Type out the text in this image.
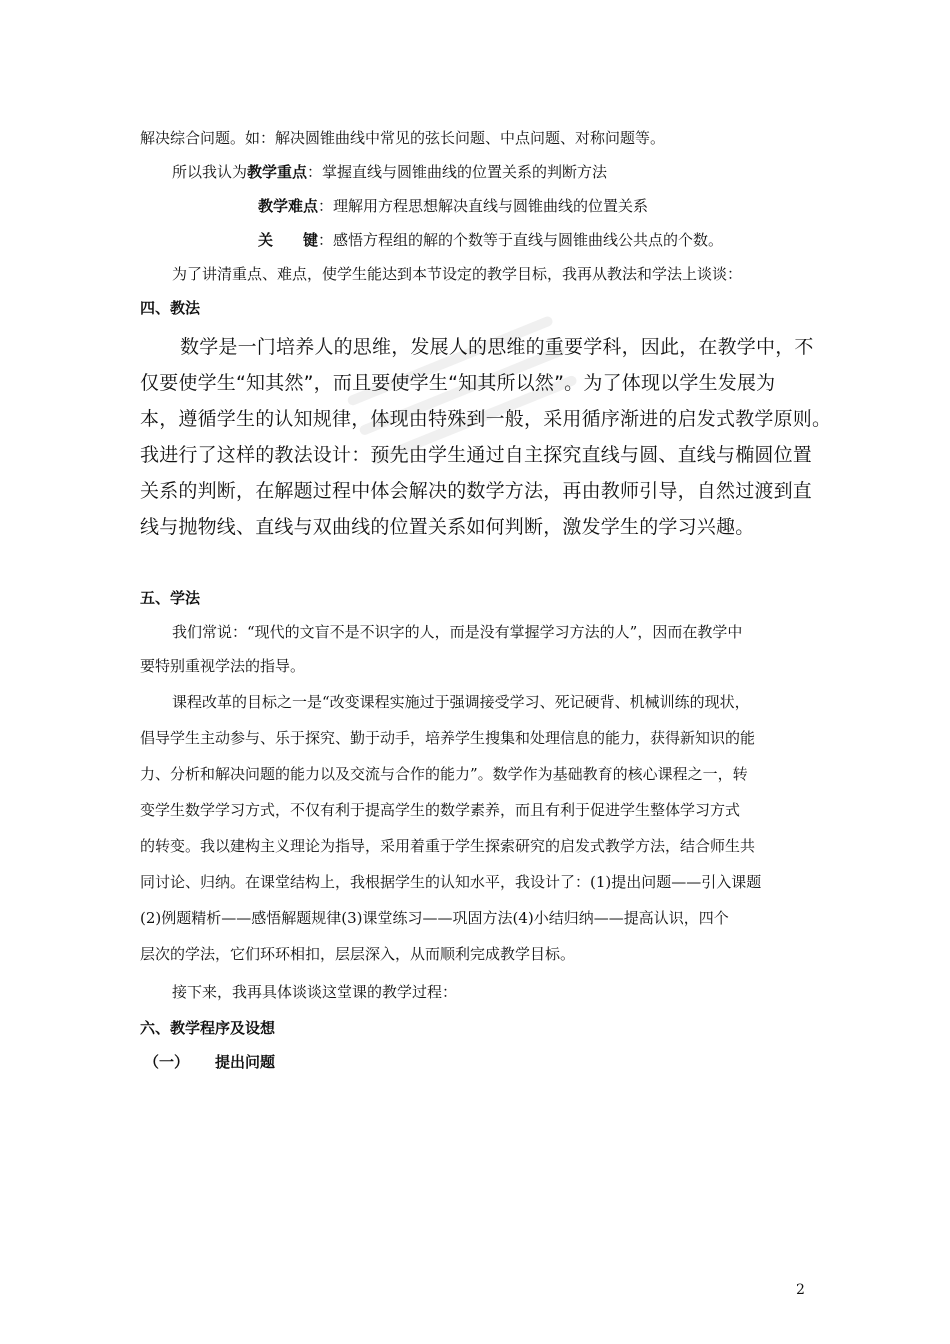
解决综合问题。如：解决圆锥曲线中常见的弦长问题、中点问题、对称问题等。
所以我认为教学重点：掌握直线与圆锥曲线的位置关系的判断方法
教学难点：理解用方程思想解决直线与圆锥曲线的位置关系
关　　键：感悟方程组的解的个数等于直线与圆锥曲线公共点的个数。
为了讲清重点、难点，使学生能达到本节设定的教学目标，我再从教法和学法上谈谈：
四、教法
数学是一门培养人的思维，发展人的思维的重要学科，因此，在教学中，不
仅要使学生“知其然”，而且要使学生“知其所以然”。为了体现以学生发展为
本，遵循学生的认知规律，体现由特殊到一般，采用循序渐进的启发式教学原则。
我进行了这样的教法设计：预先由学生通过自主探究直线与圆、直线与椭圆位置
关系的判断，在解题过程中体会解决的数学方法，再由教师引导，自然过渡到直
线与抛物线、直线与双曲线的位置关系如何判断，激发学生的学习兴趣。
五、学法
我们常说：“现代的文盲不是不识字的人，而是没有掌握学习方法的人”，因而在教学中
要特别重视学法的指导。
课程改革的目标之一是“改变课程实施过于强调接受学习、死记硬背、机械训练的现状，
倡导学生主动参与、乐于探究、勤于动手，培养学生搜集和处理信息的能力，获得新知识的能
力、分析和解决问题的能力以及交流与合作的能力”。数学作为基础教育的核心课程之一，转
变学生数学学习方式，不仅有利于提高学生的数学素养，而且有利于促进学生整体学习方式
的转变。我以建构主义理论为指导，采用着重于学生探索研究的启发式教学方法，结合师生共
同讨论、归纳。在课堂结构上，我根据学生的认知水平，我设计了：(1)提出问题——引入课题
(2)例题精析——感悟解题规律(3)课堂练习——巩固方法(4)小结归纳——提高认识，四个
层次的学法，它们环环相扣，层层深入，从而顺利完成教学目标。
接下来，我再具体谈谈这堂课的教学过程：
六、教学程序及设想
（一） 提出问题
2
